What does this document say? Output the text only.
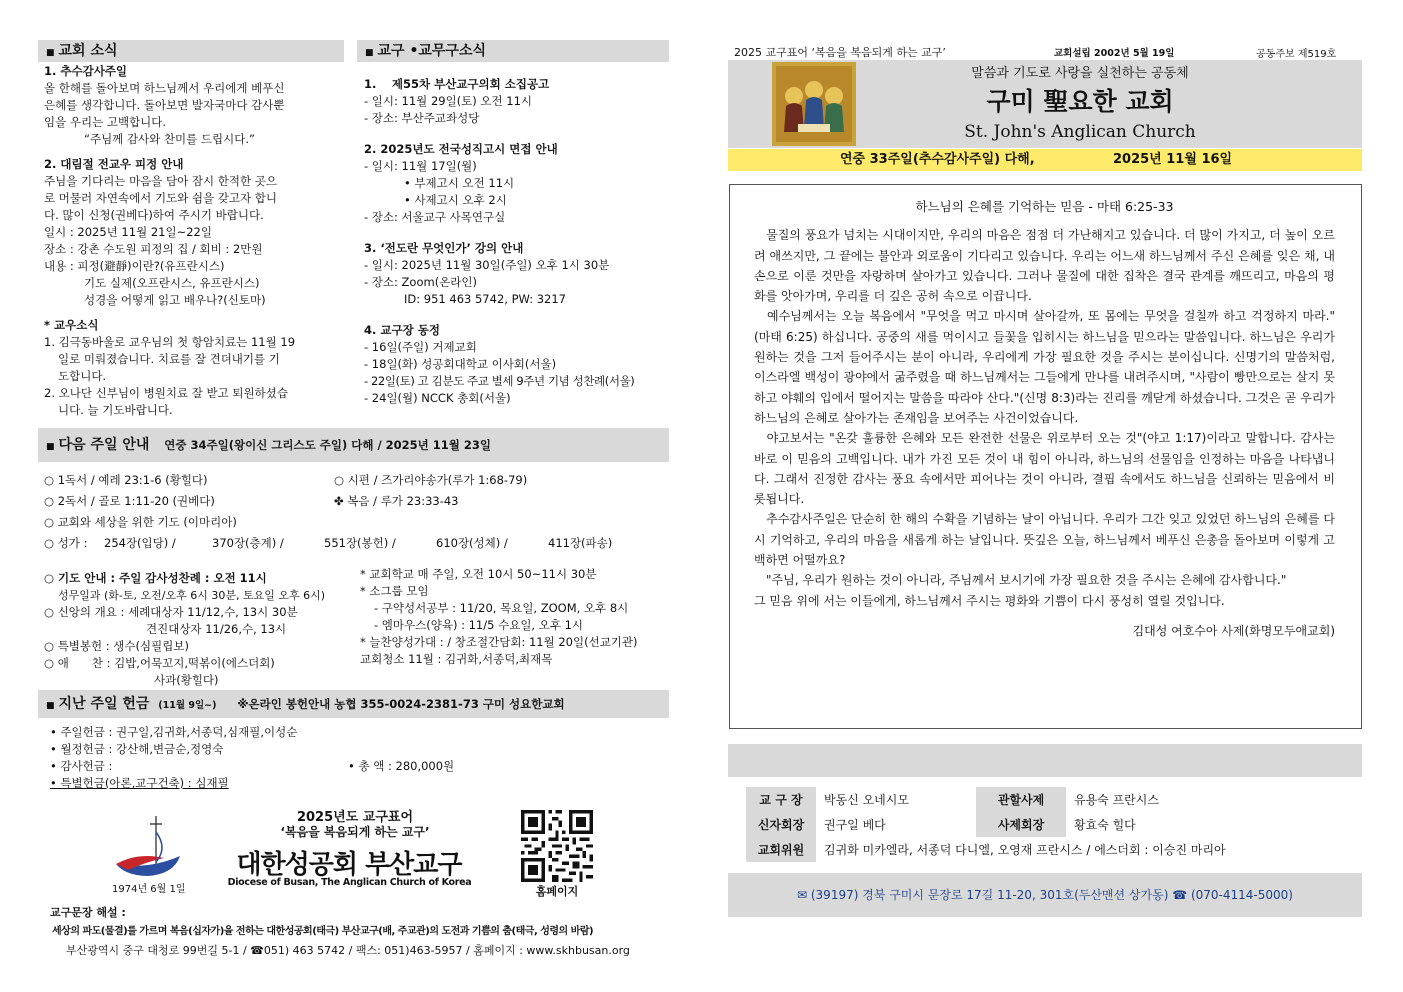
■ 교회 소식

1. 추수감사주일

올 한해를 돌아보며 하느님께서 우리에게 베푸신

은혜를 생각합니다. 돌아보면 발자국마다 감사뿐

임을 우리는 고백합니다.

“주님께 감사와 찬미를 드립시다.”

2. 대림절 전교우 피정 안내

주님을 기다리는 마음을 담아 잠시 한적한 곳으

로 머물러 자연속에서 기도와 쉼을 갖고자 합니

다. 많이 신청(권베다)하여 주시기 바랍니다.

일시 : 2025년 11월 21일~22일

장소 : 강촌 수도원 피정의 집 / 회비 : 2만원

내용 : 피정(避靜)이란?(유프란시스)

기도 실제(오프란시스, 유프란시스)

성경을 어떻게 읽고 배우나?(신토마)

* 교우소식

1. 김극동바울로 교우님의 첫 항암치료는 11월 19

일로 미뤄졌습니다. 치료를 잘 견뎌내기를 기

도합니다.

2. 오나단 신부님이 병원치료 잘 받고 퇴원하셨습

니다. 늘 기도바랍니다.

■ 교구 •교무구소식

1. 　제55차 부산교구의회 소집공고

- 일시: 11월 29일(토) 오전 11시

- 장소: 부산주교좌성당

2. 2025년도 전국성직고시 면접 안내

- 일시: 11월 17일(월)

• 부제고시 오전 11시

• 사제고시 오후 2시

- 장소: 서울교구 사목연구실

3. ‘전도란 무엇인가’ 강의 안내

- 일시: 2025년 11월 30일(주일) 오후 1시 30분

- 장소: Zoom(온라인)

ID: 951 463 5742, PW: 3217

4. 교구장 동정

- 16일(주일) 거제교회

- 18일(화) 성공회대학교 이사회(서울)

- 22일(토) 고 김분도 주교 별세 9주년 기념 성찬례(서울)

- 24일(월) NCCK 총회(서울)

■ 다음 주일 안내 연중 34주일(왕이신 그리스도 주일) 다해 / 2025년 11월 23일
○ 1독서 / 예레 23:1-6 (황힐다)	○ 시편 / 즈가리야송가(루가 1:68-79)
○ 2독서 / 골로 1:11-20 (권베다)	✤ 복음 / 루가 23:33-43
○ 교회와 세상을 위한 기도 (이마리아)
○ 성가 :	254장(입당) /	370장(층계) /	551장(봉헌) /	610장(성체) /	411장(파송)

○ 기도 안내 : 주일 감사성찬례 : 오전 11시

성무일과 (화-토, 오전/오후 6시 30분, 토요일 오후 6시)

○ 신앙의 개요 : 세례대상자 11/12,수, 13시 30분

견진대상자 11/26,수, 13시

○ 특별봉헌 : 생수(심필립보)

○ 애　　찬 : 김밥,어묵꼬지,떡볶이(에스더회)

사과(황힐다)

* 교회학교 매 주일, 오전 10시 50~11시 30분

* 소그룹 모임

- 구약성서공부 : 11/20, 목요일, ZOOM, 오후 8시

- 엠마우스(양육) : 11/5 수요일, 오후 1시

* 늘찬양성가대 : / 창조절간담회: 11월 20일(선교기관)

교회청소 11월 : 김귀화,서종덕,최재목

■ 지난 주일 헌금 (11월 9일~) ※온라인 봉헌안내 농협 355-0024-2381-73 구미 성요한교회

• 주일헌금 : 권구일,김귀화,서종덕,심재필,이성순

• 월정헌금 : 강산해,변금순,정영숙

• 감사헌금 :

• 특별헌금(아론,교구건축) : 심재필

• 총 액 : 280,000원
1974년 6월 1일
2025년도 교구표어
‘복음을 복음되게 하는 교구’
대한성공회 부산교구
Diocese of Busan, The Anglican Church of Korea
홈페이지
교구문장 해설 :
세상의 파도(물결)를 가르며 복음(십자가)을 전하는 대한성공회(태극) 부산교구(배, 주교관)의 도전과 기쁨의 춤(태극, 성령의 바람)
부산광역시 중구 대청로 99번길 5-1 / ☎051) 463 5742 / 팩스: 051)463-5957 / 홈페이지 : www.skhbusan.org
2025 교구표어 ‘복음을 복음되게 하는 교구’	교회설립 2002년 5월 19일	공동주보 제519호
말씀과 기도로 사랑을 실천하는 공동체
구미 聖요한 교회
St. John's Anglican Church
연중 33주일(추수감사주일) 다해,	2025년 11월 16일

하느님의 은혜를 기억하는 믿음 - 마태 6:25-33

　물질의 풍요가 넘치는 시대이지만, 우리의 마음은 점점 더 가난해지고 있습니다. 더 많이 가지고, 더 높이 오르려 애쓰지만, 그 끝에는 불안과 외로움이 기다리고 있습니다. 우리는 어느새 하느님께서 주신 은혜를 잊은 채, 내 손으로 이룬 것만을 자랑하며 살아가고 있습니다. 그러나 물질에 대한 집착은 결국 관계를 깨뜨리고, 마음의 평화를 앗아가며, 우리를 더 깊은 공허 속으로 이끕니다.

　예수님께서는 오늘 복음에서 "무엇을 먹고 마시며 살아갈까, 또 몸에는 무엇을 걸칠까 하고 걱정하지 마라."(마태 6:25) 하십니다. 공중의 새를 먹이시고 들꽃을 입히시는 하느님을 믿으라는 말씀입니다. 하느님은 우리가 원하는 것을 그저 들어주시는 분이 아니라, 우리에게 가장 필요한 것을 주시는 분이십니다. 신명기의 말씀처럼, 이스라엘 백성이 광야에서 굶주렸을 때 하느님께서는 그들에게 만나를 내려주시며, "사람이 빵만으로는 살지 못하고 야훼의 입에서 떨어지는 말씀을 따라야 산다."(신명 8:3)라는 진리를 깨닫게 하셨습니다. 그것은 곧 우리가 하느님의 은혜로 살아가는 존재임을 보여주는 사건이었습니다.

　야고보서는 "온갖 훌륭한 은혜와 모든 완전한 선물은 위로부터 오는 것"(야고 1:17)이라고 말합니다. 감사는 바로 이 믿음의 고백입니다. 내가 가진 모든 것이 내 힘이 아니라, 하느님의 선물임을 인정하는 마음을 나타냅니다. 그래서 진정한 감사는 풍요 속에서만 피어나는 것이 아니라, 결핍 속에서도 하느님을 신뢰하는 믿음에서 비롯됩니다.

　추수감사주일은 단순히 한 해의 수확을 기념하는 날이 아닙니다. 우리가 그간 잊고 있었던 하느님의 은혜를 다시 기억하고, 우리의 마음을 새롭게 하는 날입니다. 뜻깊은 오늘, 하느님께서 베푸신 은총을 돌아보며 이렇게 고백하면 어떨까요?

　"주님, 우리가 원하는 것이 아니라, 주님께서 보시기에 가장 필요한 것을 주시는 은혜에 감사합니다."

그 믿음 위에 서는 이들에게, 하느님께서 주시는 평화와 기쁨이 다시 풍성히 열릴 것입니다.

김대성 여호수아 사제(화명모두애교회)

교 구 장	박동신 오네시모	관할사제	유용숙 프란시스
신자회장	권구일 베다	사제회장	황효숙 힐다
교회위원	김귀화 미카엘라, 서종덕 다니엘, 오영재 프란시스 / 에스더회 : 이승진 마리아		
✉ (39197) 경북 구미시 문장로 17길 11-20, 301호(두산맨션 상가동) ☎ (070-4114-5000)
